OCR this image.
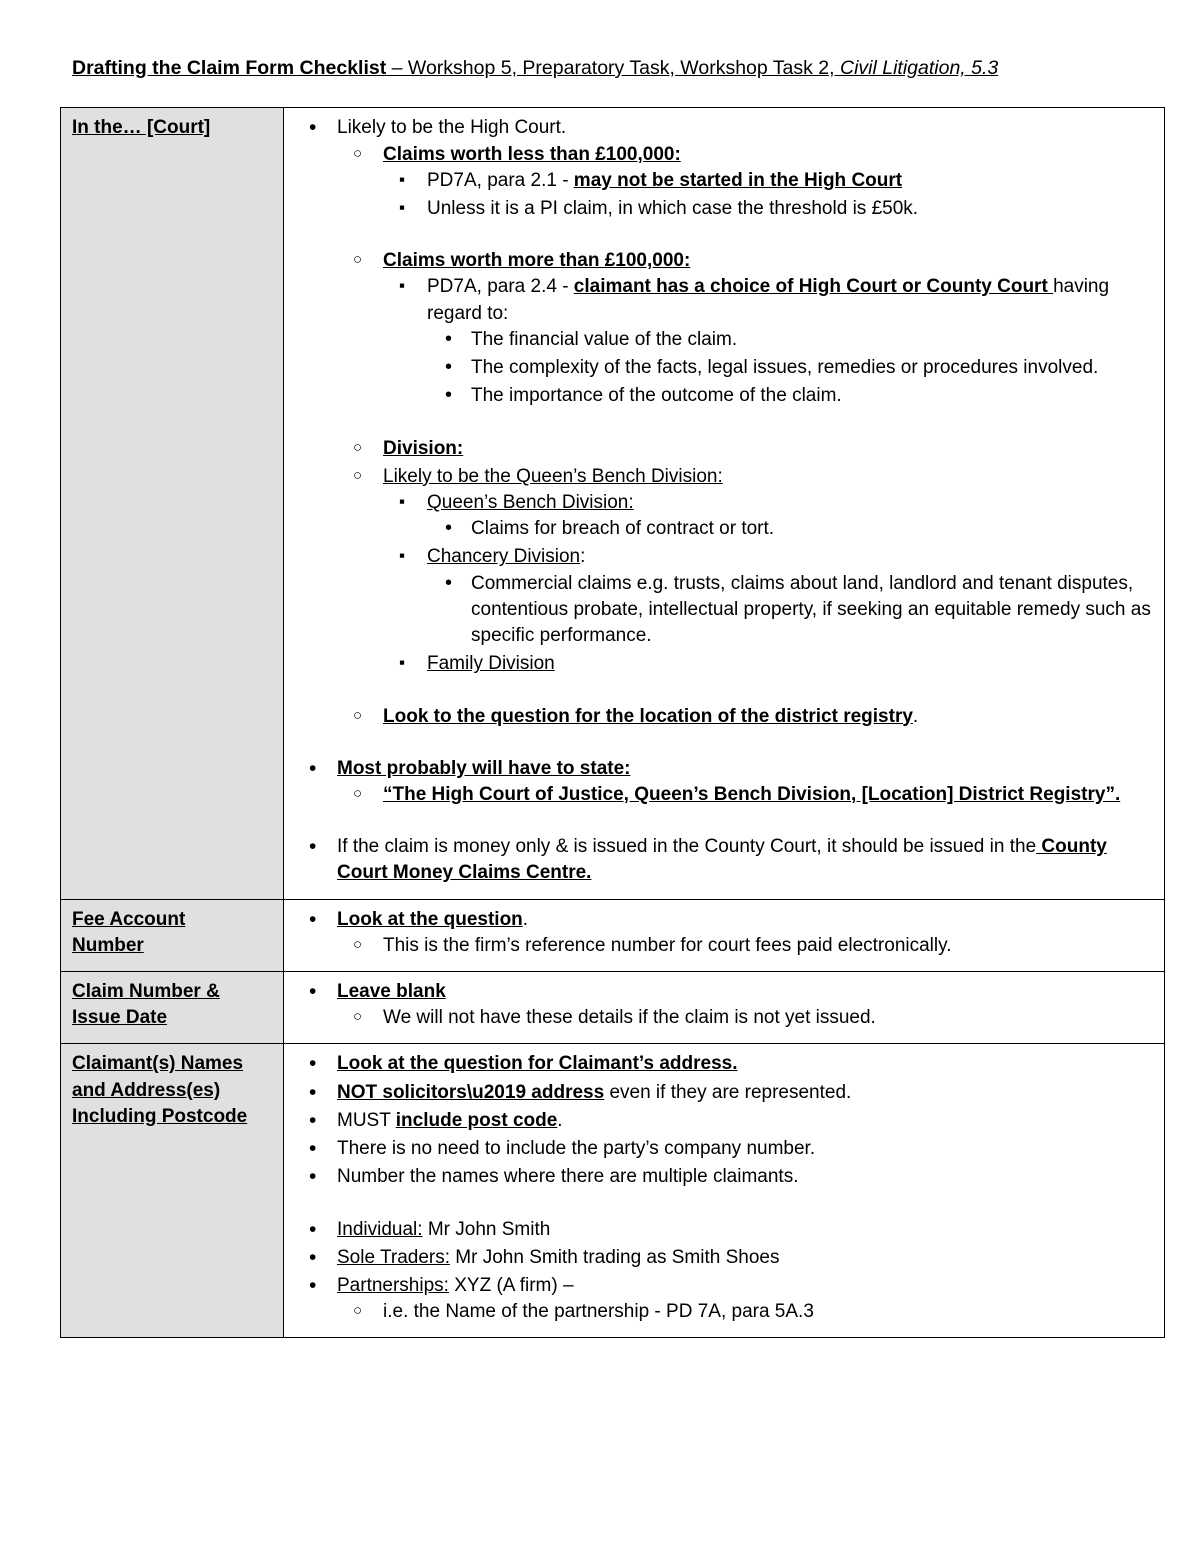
Drafting the Claim Form Checklist – Workshop 5, Preparatory Task, Workshop Task 2, Civil Litigation, 5.3
In the… [Court]

•Likely to be the High Court.
○ Claims worth less than £100,000:
▪ PD7A, para 2.1 - may not be started in the High Court
▪ Unless it is a PI claim, in which case the threshold is £50k.
○ Claims worth more than £100,000:
▪ PD7A, para 2.4 - claimant has a choice of High Court or County Court having regard to:
• The financial value of the claim.
• The complexity of the facts, legal issues, remedies or procedures involved.
• The importance of the outcome of the claim.
○ Division:
○ Likely to be the Queen’s Bench Division:
▪ Queen’s Bench Division:
• Claims for breach of contract or tort.
▪ Chancery Division:
• Commercial claims e.g. trusts, claims about land, landlord and tenant disputes, contentious probate, intellectual property, if seeking an equitable remedy such as specific performance.
▪ Family Division
○ Look to the question for the location of the district registry.
• Most probably will have to state:
○ “The High Court of Justice, Queen’s Bench Division, [Location] District Registry”.
• If the claim is money only & is issued in the County Court, it should be issued in the County Court Money Claims Centre.

Fee Account
Number

• Look at the question.
○ This is the firm’s reference number for court fees paid electronically.

Claim Number &
Issue Date

• Leave blank
○ We will not have these details if the claim is not yet issued.

Claimant(s) Names
and Address(es)
Including Postcode

• Look at the question for Claimant’s address.
• NOT solicitors\u2019 address even if they are represented.
• MUST include post code.
• There is no need to include the party’s company number.
• Number the names where there are multiple claimants.
• Individual: Mr John Smith
• Sole Traders: Mr John Smith trading as Smith Shoes
• Partnerships: XYZ (A firm) –
○ i.e. the Name of the partnership - PD 7A, para 5A.3
